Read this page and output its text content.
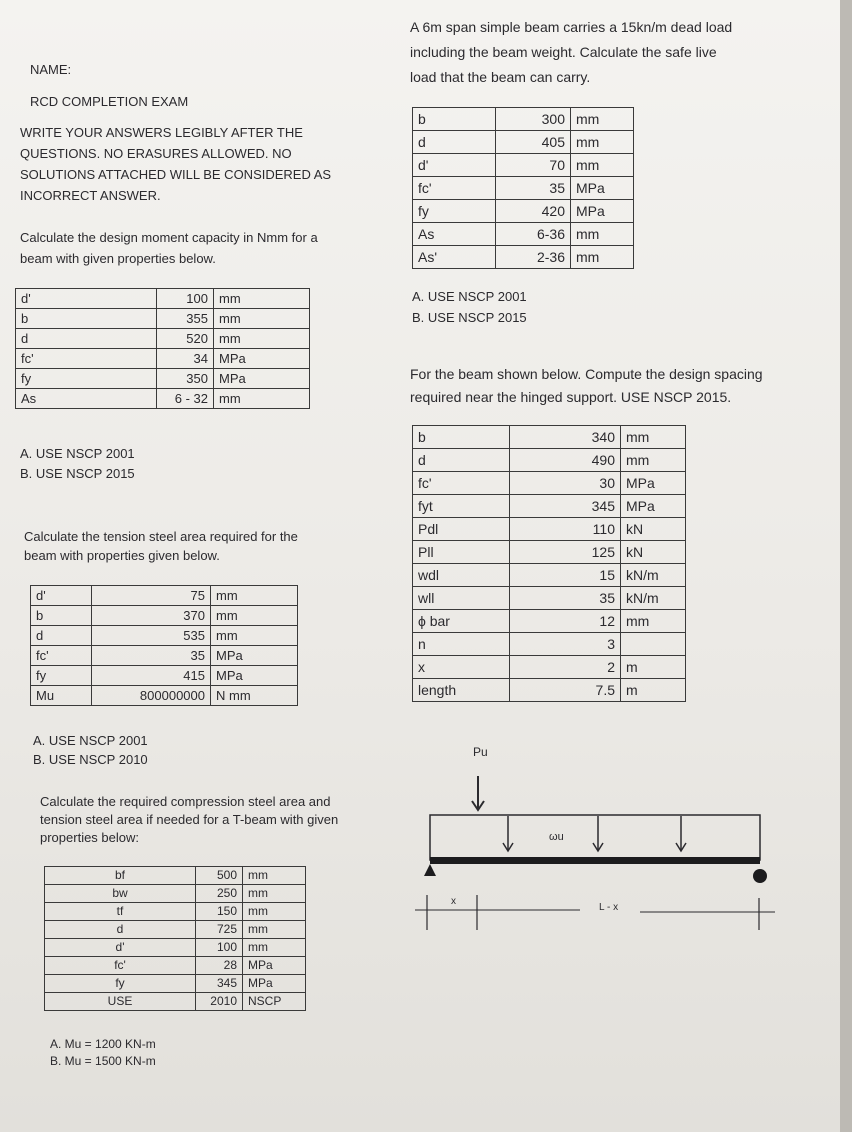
NAME:
RCD COMPLETION EXAM
WRITE YOUR ANSWERS LEGIBLY AFTER THE
QUESTIONS. NO ERASURES ALLOWED. NO
SOLUTIONS ATTACHED WILL BE CONSIDERED AS
INCORRECT ANSWER.
Calculate the design moment capacity in Nmm for a
beam with given properties below.
d'	100	mm
b	355	mm
d	520	mm
fc'	34	MPa
fy	350	MPa
As	6 - 32	mm
A. USE NSCP 2001
B. USE NSCP 2015
Calculate the tension steel area required for the
beam with properties given below.
d'	75	mm
b	370	mm
d	535	mm
fc'	35	MPa
fy	415	MPa
Mu	800000000	N mm
A. USE NSCP 2001
B. USE NSCP 2010
Calculate the required compression steel area and
tension steel area if needed for a T-beam with given
properties below:
bf	500	mm
bw	250	mm
tf	150	mm
d	725	mm
d'	100	mm
fc'	28	MPa
fy	345	MPa
USE	2010	NSCP
A. Mu = 1200 KN-m
B. Mu = 1500 KN-m
A 6m span simple beam carries a 15kn/m dead load
including the beam weight. Calculate the safe live
load that the beam can carry.
b	300	mm
d	405	mm
d'	70	mm
fc'	35	MPa
fy	420	MPa
As	6-36	mm
As'	2-36	mm
A. USE NSCP 2001
B. USE NSCP 2015
For the beam shown below. Compute the design spacing
required near the hinged support. USE NSCP 2015.
b	340	mm
d	490	mm
fc'	30	MPa
fyt	345	MPa
Pdl	110	kN
Pll	125	kN
wdl	15	kN/m
wll	35	kN/m
ϕ bar	12	mm
n	3	
x	2	m
length	7.5	m
Pu
ωu
x
L - x
